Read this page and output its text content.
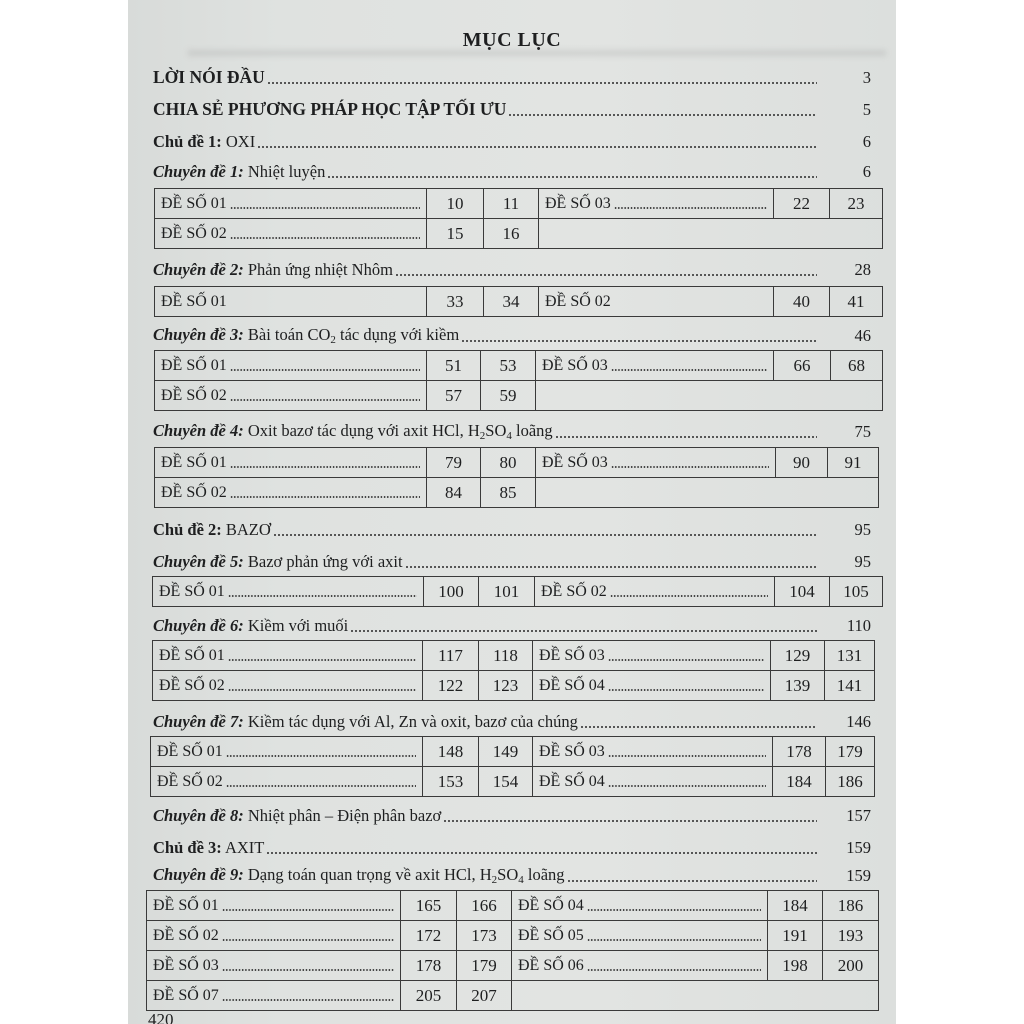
MỤC LỤC
LỜI NÓI ĐẦU	3
CHIA SẺ PHƯƠNG PHÁP HỌC TẬP TỐI ƯU	5
Chủ đề 1: OXI	6
Chuyên đề 1: Nhiệt luyện	6
ĐỀ SỐ 01	10	11	ĐỀ SỐ 03	22	23

ĐỀ SỐ 02	15	16			
Chuyên đề 2: Phản ứng nhiệt Nhôm	28
ĐỀ SỐ 01	33	34	ĐỀ SỐ 02	40	41
Chuyên đề 3: Bài toán $CO_2$ tác dụng với kiềm	46
ĐỀ SỐ 01	51	53	ĐỀ SỐ 03	66	68

ĐỀ SỐ 02	57	59			
Chuyên đề 4: Oxit bazơ tác dụng với axit HCl, $H_2SO_4$ loãng	75
ĐỀ SỐ 01	79	80	ĐỀ SỐ 03	90	91

ĐỀ SỐ 02	84	85			
Chủ đề 2: BAZƠ	95
Chuyên đề 5: Bazơ phản ứng với axit	95
ĐỀ SỐ 01	100	101	ĐỀ SỐ 02	104	105
Chuyên đề 6: Kiềm với muối	110
ĐỀ SỐ 01	117	118	ĐỀ SỐ 03	129	131

ĐỀ SỐ 02	122	123	ĐỀ SỐ 04	139	141
Chuyên đề 7: Kiềm tác dụng với Al, Zn và oxit, bazơ của chúng	146
ĐỀ SỐ 01	148	149	ĐỀ SỐ 03	178	179

ĐỀ SỐ 02	153	154	ĐỀ SỐ 04	184	186
Chuyên đề 8: Nhiệt phân – Điện phân bazơ	157
Chủ đề 3: AXIT	159
Chuyên đề 9: Dạng toán quan trọng về axit HCl, $H_2SO_4$ loãng	159
ĐỀ SỐ 01	165	166	ĐỀ SỐ 04	184	186

ĐỀ SỐ 02	172	173	ĐỀ SỐ 05	191	193

ĐỀ SỐ 03	178	179	ĐỀ SỐ 06	198	200

ĐỀ SỐ 07	205	207			
420
